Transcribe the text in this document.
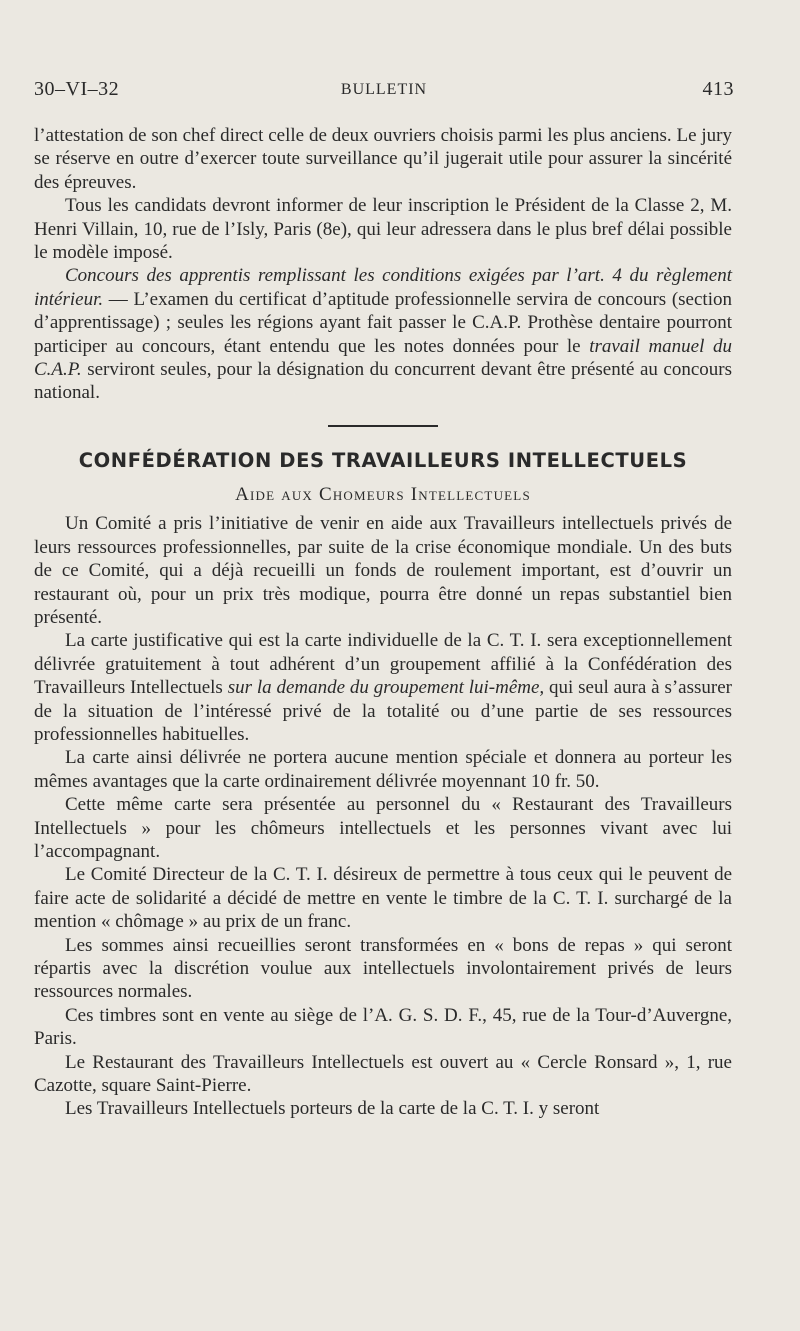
30–VI–32	BULLETIN	413

l’attestation de son chef direct celle de deux ouvriers choisis parmi les plus anciens. Le jury se réserve en outre d’exercer toute surveillance qu’il jugerait utile pour assurer la sincérité des épreuves.

Tous les candidats devront informer de leur inscription le Président de la Classe 2, M. Henri Villain, 10, rue de l’Isly, Paris (8e), qui leur adressera dans le plus bref délai possible le modèle imposé.

Concours des apprentis remplissant les conditions exigées par l’art. 4 du règlement intérieur. — L’examen du certificat d’aptitude professionnelle servira de concours (section d’apprentissage) ; seules les régions ayant fait passer le C.A.P. Prothèse dentaire pourront participer au concours, étant entendu que les notes données pour le travail manuel du C.A.P. serviront seules, pour la désignation du concurrent devant être présenté au concours national.

CONFÉDÉRATION DES TRAVAILLEURS INTELLECTUELS
Aide aux Chomeurs Intellectuels

Un Comité a pris l’initiative de venir en aide aux Travailleurs intellectuels privés de leurs ressources professionnelles, par suite de la crise économique mondiale. Un des buts de ce Comité, qui a déjà recueilli un fonds de roulement important, est d’ouvrir un restaurant où, pour un prix très modique, pourra être donné un repas substantiel bien présenté.

La carte justificative qui est la carte individuelle de la C. T. I. sera exceptionnellement délivrée gratuitement à tout adhérent d’un groupement affilié à la Confédération des Travailleurs Intellectuels sur la demande du groupement lui-même, qui seul aura à s’assurer de la situation de l’intéressé privé de la totalité ou d’une partie de ses ressources professionnelles habituelles.

La carte ainsi délivrée ne portera aucune mention spéciale et donnera au porteur les mêmes avantages que la carte ordinairement délivrée moyennant 10 fr. 50.

Cette même carte sera présentée au personnel du « Restaurant des Travailleurs Intellectuels » pour les chômeurs intellectuels et les personnes vivant avec lui l’accompagnant.

Le Comité Directeur de la C. T. I. désireux de permettre à tous ceux qui le peuvent de faire acte de solidarité a décidé de mettre en vente le timbre de la C. T. I. surchargé de la mention « chômage » au prix de un franc.

Les sommes ainsi recueillies seront transformées en « bons de repas » qui seront répartis avec la discrétion voulue aux intellectuels involontairement privés de leurs ressources normales.

Ces timbres sont en vente au siège de l’A. G. S. D. F., 45, rue de la Tour-d’Auvergne, Paris.

Le Restaurant des Travailleurs Intellectuels est ouvert au « Cercle Ronsard », 1, rue Cazotte, square Saint-Pierre.

Les Travailleurs Intellectuels porteurs de la carte de la C. T. I. y seront
